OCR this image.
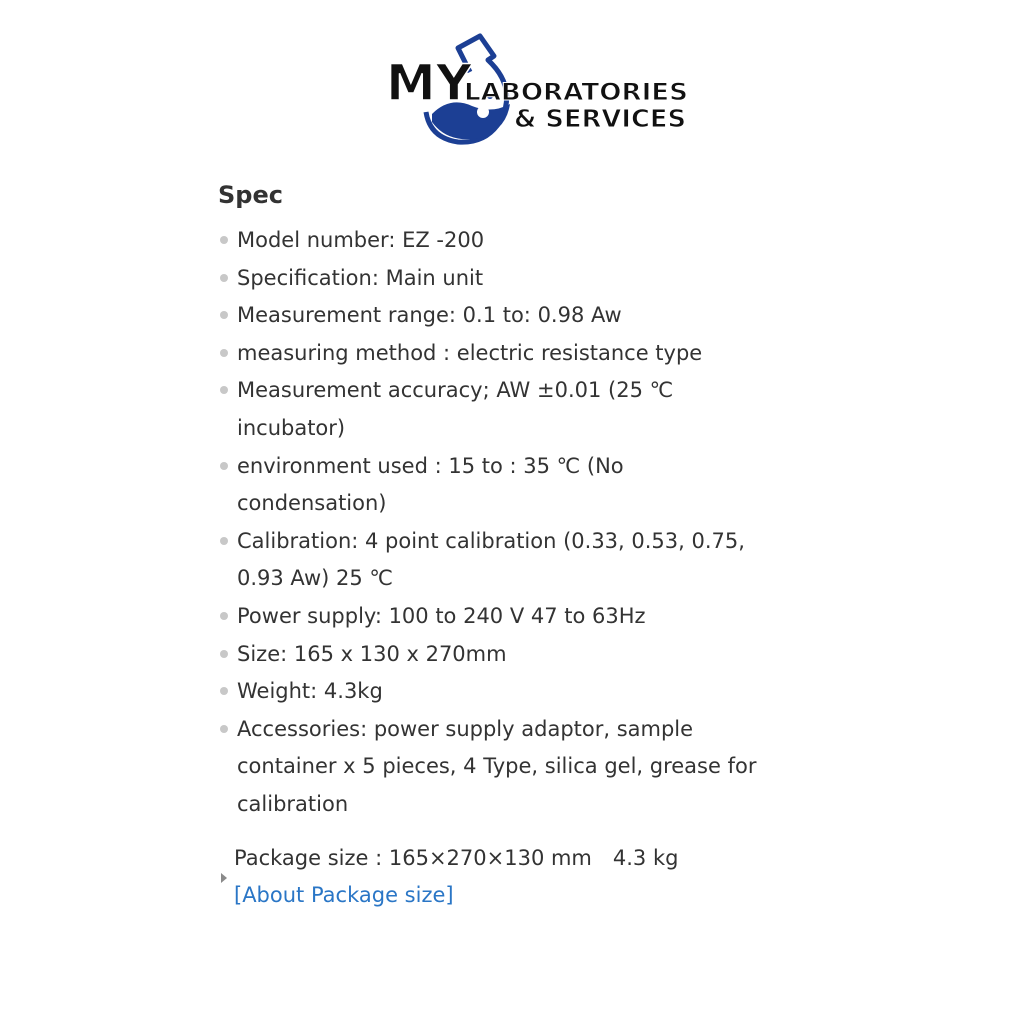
MY
LABORATORIES
& SERVICES
Spec
Model number: EZ -200
Specification: Main unit
Measurement range: 0.1 to: 0.98 Aw
measuring method : electric resistance type
Measurement accuracy; AW ±0.01 (25 ℃ incubator)
environment used : 15 to : 35 ℃ (No condensation)
Calibration: 4 point calibration (0.33, 0.53, 0.75, 0.93 Aw) 25 ℃
Power supply: 100 to 240 V 47 to 63Hz
Size: 165 x 130 x 270mm
Weight: 4.3kg
Accessories: power supply adaptor, sample container x 5 pieces, 4 Type, silica gel, grease for calibration
Package size : 165×270×130 mm　4.3 kg
[About Package size]
